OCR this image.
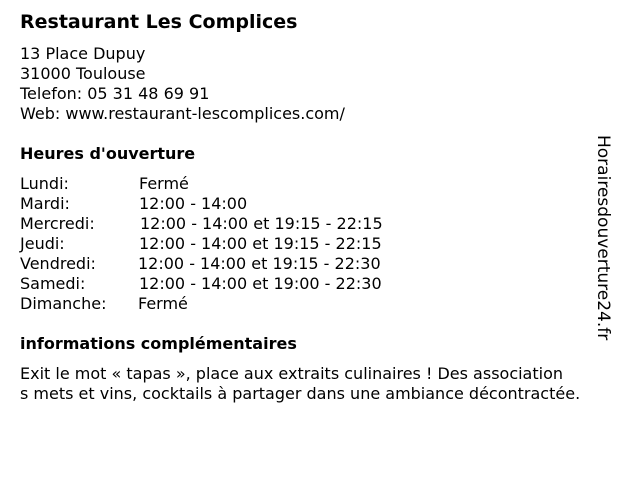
Restaurant Les Complices
13 Place Dupuy
31000 Toulouse
Telefon: 05 31 48 69 91
Web: www.restaurant-lescomplices.com/
Heures d'ouverture
Lundi:	Fermé
Mardi:	12:00 - 14:00
Mercredi:	12:00 - 14:00 et 19:15 - 22:15
Jeudi:	12:00 - 14:00 et 19:15 - 22:15
Vendredi:	12:00 - 14:00 et 19:15 - 22:30
Samedi:	12:00 - 14:00 et 19:00 - 22:30
Dimanche: Fermé
informations complémentaires
Exit le mot « tapas », place aux extraits culinaires ! Des association
s mets et vins, cocktails à partager dans une ambiance décontractée.
Horairesdouverture24.fr
